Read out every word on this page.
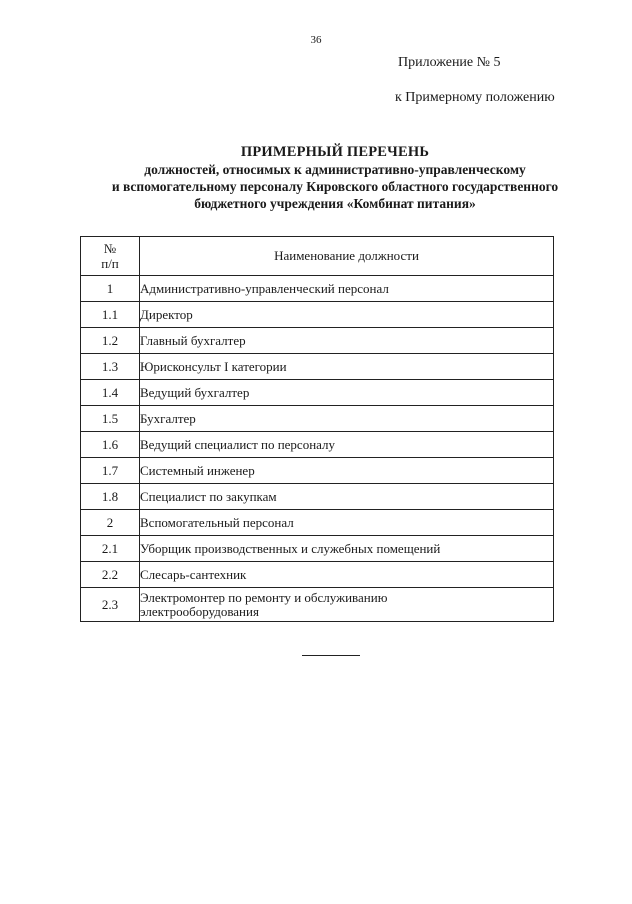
36
Приложение № 5
к Примерному положению
ПРИМЕРНЫЙ ПЕРЕЧЕНЬ
должностей, относимых к административно-управленческому
и вспомогательному персоналу Кировского областного государственного
бюджетного учреждения «Комбинат питания»
№
п/п	Наименование должности
1	Административно-управленческий персонал
1.1	Директор
1.2	Главный бухгалтер
1.3	Юрисконсульт I категории
1.4	Ведущий бухгалтер
1.5	Бухгалтер
1.6	Ведущий специалист по персоналу
1.7	Системный инженер
1.8	Специалист по закупкам
2	Вспомогательный персонал
2.1	Уборщик производственных и служебных помещений
2.2	Слесарь-сантехник
2.3	Электромонтер по ремонту и обслуживанию
электрооборудования
